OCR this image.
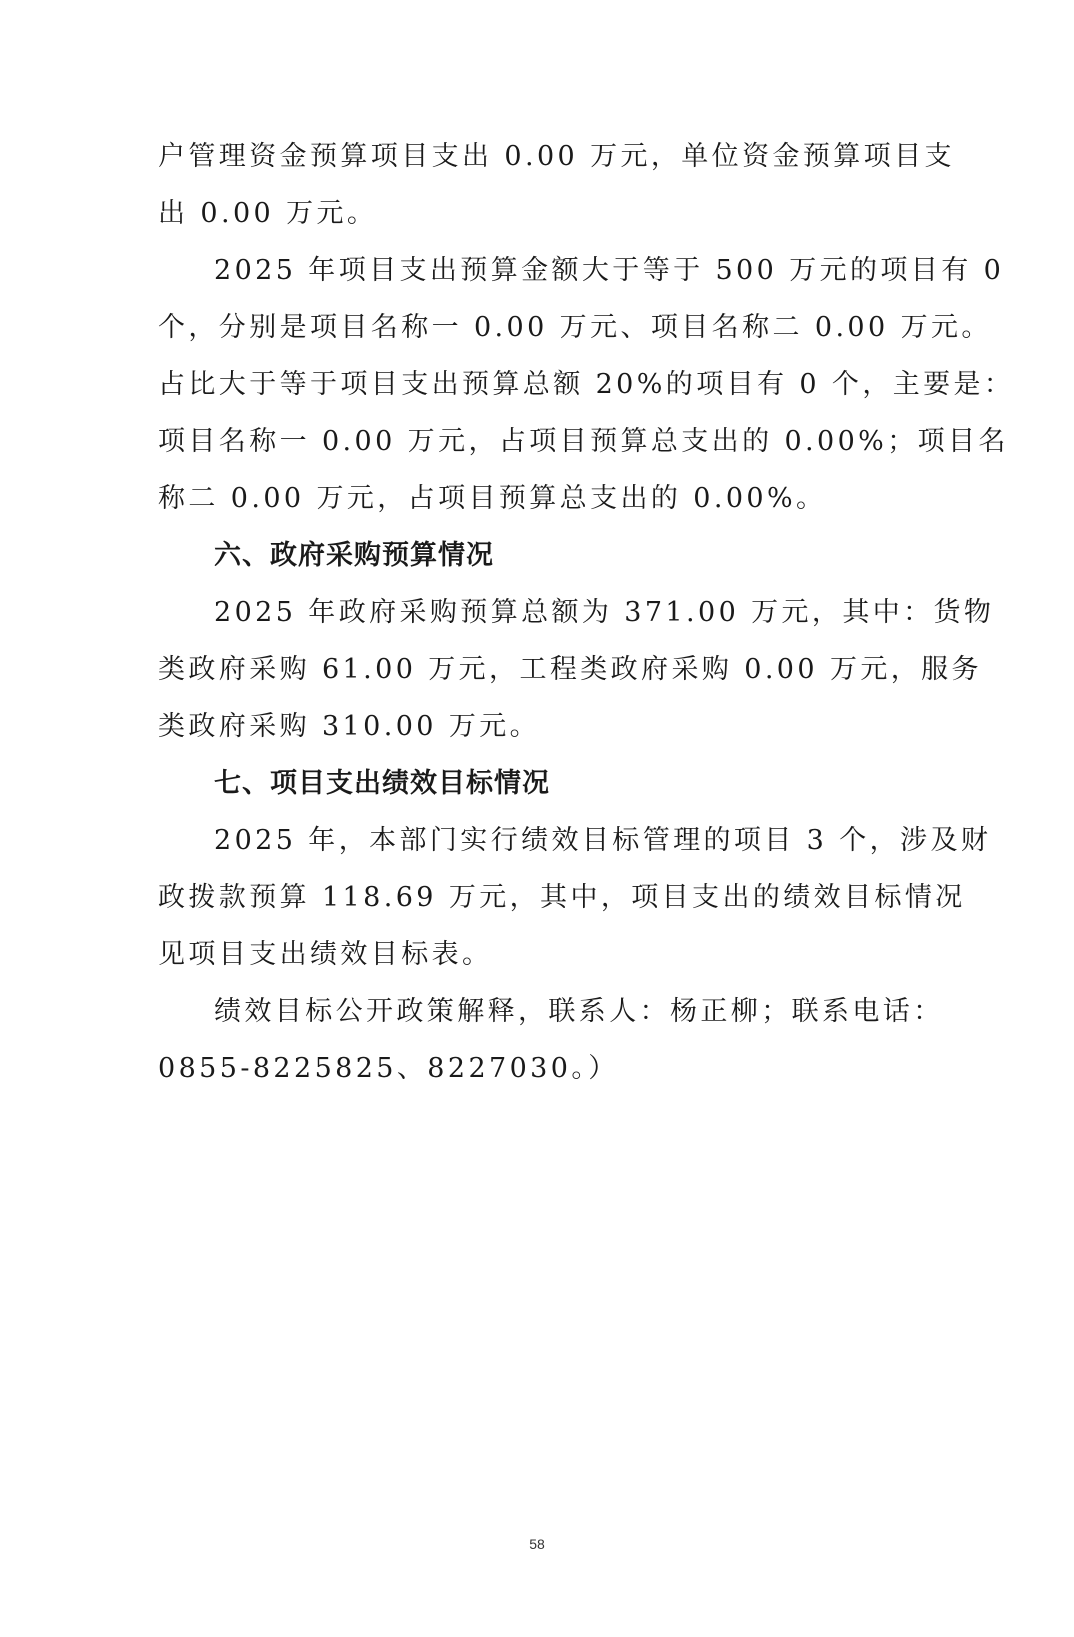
户管理资金预算项目支出 0.00 万元，单位资金预算项目支
出 0.00 万元。
2025 年项目支出预算金额大于等于 500 万元的项目有 0
个，分别是项目名称一 0.00 万元、项目名称二 0.00 万元。
占比大于等于项目支出预算总额 20%的项目有 0 个，主要是：
项目名称一 0.00 万元，占项目预算总支出的 0.00%；项目名
称二 0.00 万元，占项目预算总支出的 0.00%。
六、政府采购预算情况
2025 年政府采购预算总额为 371.00 万元，其中：货物
类政府采购 61.00 万元，工程类政府采购 0.00 万元，服务
类政府采购 310.00 万元。
七、项目支出绩效目标情况
2025 年，本部门实行绩效目标管理的项目 3 个，涉及财
政拨款预算 118.69 万元，其中，项目支出的绩效目标情况
见项目支出绩效目标表。
绩效目标公开政策解释，联系人：杨正柳；联系电话：
0855-8225825、8227030。）
58
